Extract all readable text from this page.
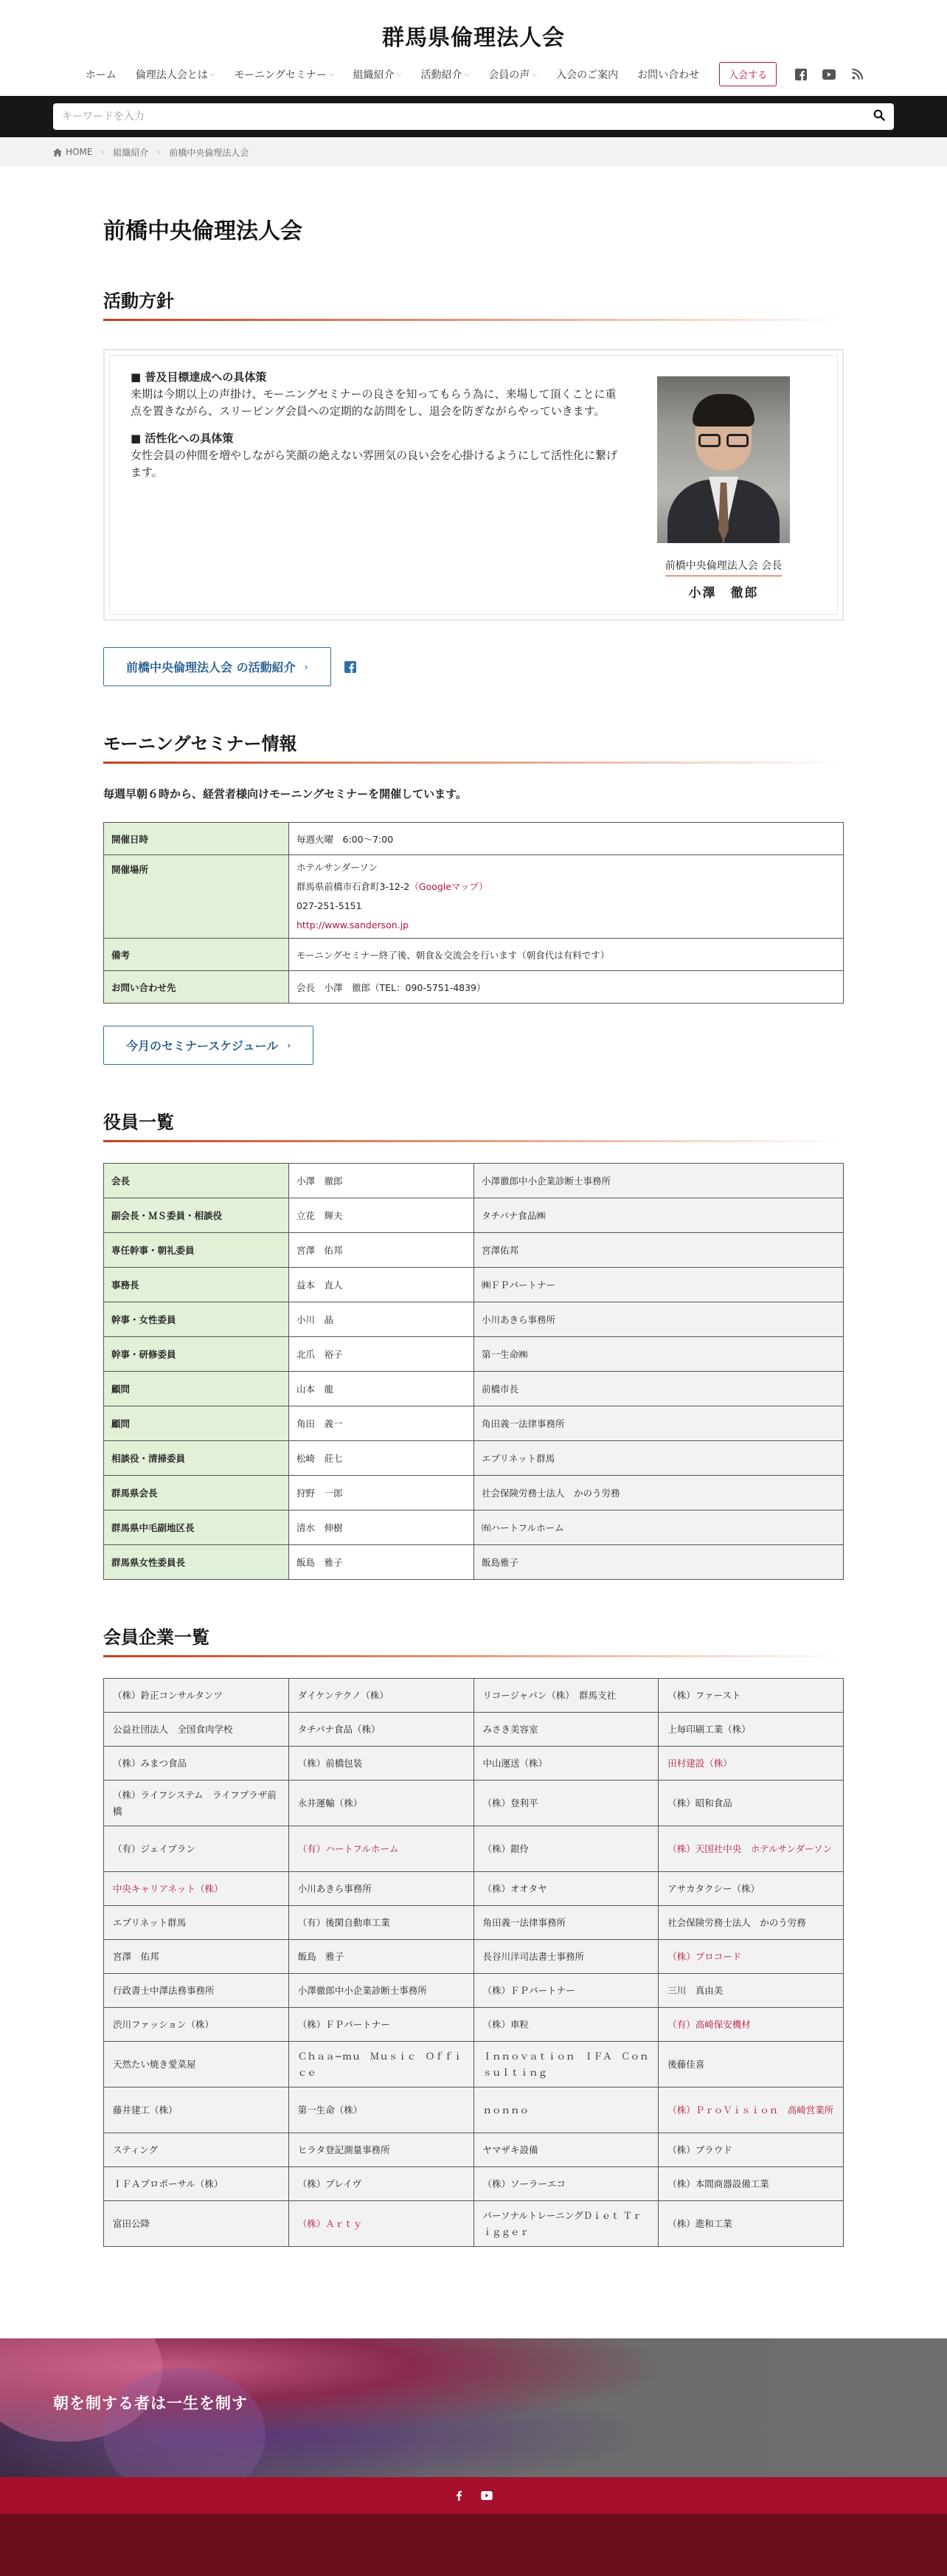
群馬県倫理法人会
ホーム 倫理法人会とは ⌵ モーニングセミナー ⌵ 組織紹介 ⌵ 活動紹介 ⌵ 会員の声 ⌵ 入会のご案内 お問い合わせ	入会する
キーワードを入力
HOME › 組織紹介 › 前橋中央倫理法人会
前橋中央倫理法人会
活動方針
■ 普及目標達成への具体策

来期は今期以上の声掛け、モーニングセミナーの良さを知ってもらう為に、来場して頂くことに重点を置きながら、スリーピング会員への定期的な訪問をし、退会を防ぎながらやっていきます。

■ 活性化への具体策

女性会員の仲間を増やしながら笑顔の絶えない雰囲気の良い会を心掛けるようにして活性化に繋げます。

前橋中央倫理法人会 会長
小澤　徹郎
前橋中央倫理法人会 の活動紹介 ›
モーニングセミナー情報

毎週早朝６時から、経営者様向けモーニングセミナーを開催しています。

開催日時	毎週火曜　6:00〜7:00
開催場所	ホテルサンダーソン
群馬県前橋市石倉町3-12-2（Googleマップ）
027-251-5151
http://www.sanderson.jp

備考	モーニングセミナー終了後、朝食＆交流会を行います（朝食代は有料です）
お問い合わせ先	会長　小澤　徹郎（TEL：090-5751-4839）
今月のセミナースケジュール ›
役員一覧
会長	小澤　徹郎	小澤徹郎中小企業診断士事務所
副会長・ＭＳ委員・相談役	立花　輝夫	タチバナ食品㈱
専任幹事・朝礼委員	宮澤　佑邦	宮澤佑邦
事務長	益本　直人	㈱ＦＰパートナー
幹事・女性委員	小川　晶	小川あきら事務所
幹事・研修委員	北爪　裕子	第一生命㈱
顧問	山本　龍	前橋市長
顧問	角田　義一	角田義一法律事務所
相談役・清掃委員	松崎　莊七	エプリネット群馬
群馬県会長	狩野　一郎	社会保険労務士法人　かのう労務
群馬県中毛副地区長	清水　伸樹	㈲ハートフルホーム
群馬県女性委員長	飯島　雅子	飯島雅子
会員企業一覧
（株）鈴正コンサルタンツ	ダイケンテクノ（株）	リコージャパン（株）　群馬支社	（株）ファースト
公益社団法人　全国食肉学校	タチバナ食品（株）	みさき美容室	上毎印刷工業（株）
（株）みまつ食品	（株）前橋包装	中山運送（株）	田村建設（株）
（株）ライフシステム　ライフプラザ前橋	永井運輸（株）	（株）登利平	（株）昭和食品
（有）ジェイプラン	（有）ハートフルホーム	（株）銀伶	（株）天国社中央　ホテルサンダーソン
中央キャリアネット（株）	小川あきら事務所	（株）オオタヤ	アサカタクシー（株）
エプリネット群馬	（有）後閑自動車工業	角田義一法律事務所	社会保険労務士法人　かのう労務
宮澤　佑邦	飯島　雅子	長谷川洋司法書士事務所	（株）プロコード
行政書士中澤法務事務所	小澤徹郎中小企業診断士事務所	（株）ＦＰパートナー	三川　真由美
渋川ファッション（株）	（株）ＦＰパートナー	（株）車粒	（有）高崎保安機材
天然たい焼き愛菜屋	Ｃｈａａ−ｍｕ　Ｍｕｓｉｃ　Ｏｆｆｉｃｅ	Ｉｎｎｏｖａｔｉｏｎ　ＩＦＡ　Ｃｏｎｓｕｌｔｉｎｇ	後藤佳喜
藤井建工（株）	第一生命（株）	ｎｏｎｎｏ	（株）ＰｒｏＶｉｓｉｏｎ　高崎営業所
スティング	ヒラタ登記測量事務所	ヤマザキ設備	（株）ブラウド
ＩＦＡプロポーサル（株）	（株）プレイヴ	（株）ソーラーエコ	（株）本間商器設備工業
富田公降	（株）Ａｒｔｙ	パーソナルトレーニングＤｉｅｔ Ｔｒｉｇｇｅｒ	（株）進和工業
朝を制する者は一生を制す
